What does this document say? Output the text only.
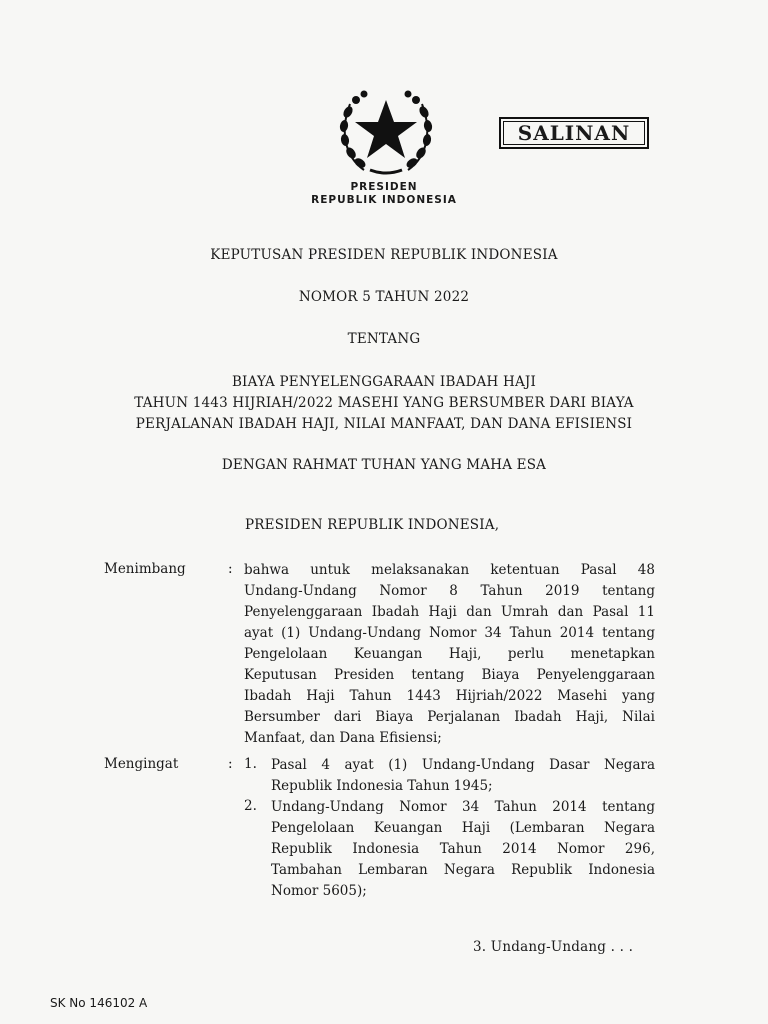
SALINAN
PRESIDEN
REPUBLIK INDONESIA
KEPUTUSAN PRESIDEN REPUBLIK INDONESIA
NOMOR 5 TAHUN 2022
TENTANG
BIAYA PENYELENGGARAAN IBADAH HAJI
TAHUN 1443 HIJRIAH/2022 MASEHI YANG BERSUMBER DARI BIAYA
PERJALANAN IBADAH HAJI, NILAI MANFAAT, DAN DANA EFISIENSI
DENGAN RAHMAT TUHAN YANG MAHA ESA
PRESIDEN REPUBLIK INDONESIA,
Menimbang	: bahwa untuk melaksanakan ketentuan Pasal 48
Undang-Undang Nomor 8 Tahun 2019 tentang
Penyelenggaraan Ibadah Haji dan Umrah dan Pasal 11
ayat (1) Undang-Undang Nomor 34 Tahun 2014 tentang
Pengelolaan Keuangan Haji, perlu menetapkan
Keputusan Presiden tentang Biaya Penyelenggaraan
Ibadah Haji Tahun 1443 Hijriah/2022 Masehi yang
Bersumber dari Biaya Perjalanan Ibadah Haji, Nilai
Manfaat, dan Dana Efisiensi;
Mengingat	: 1. Pasal 4 ayat (1) Undang-Undang Dasar Negara
Republik Indonesia Tahun 1945;
2. Undang-Undang Nomor 34 Tahun 2014 tentang
Pengelolaan Keuangan Haji (Lembaran Negara
Republik Indonesia Tahun 2014 Nomor 296,
Tambahan Lembaran Negara Republik Indonesia
Nomor 5605);
3. Undang-Undang . . .
SK No 146102 A
